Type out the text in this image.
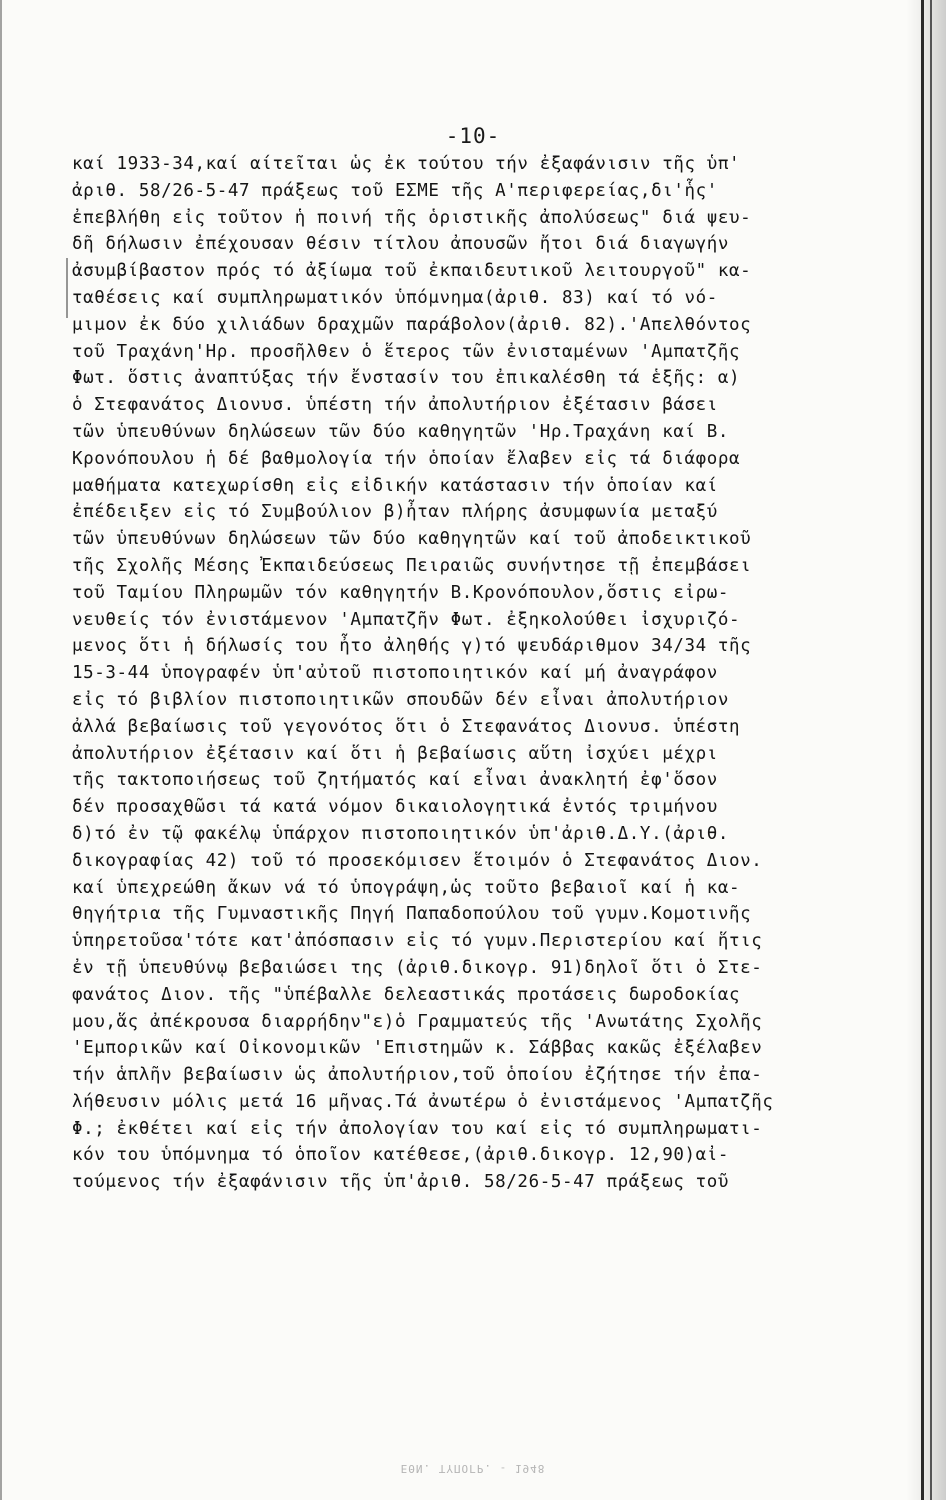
-10-
καί 1933-34,καί αίτεῖται ὡς ἐκ τούτου τήν ἐξαφάνισιν τῆς ὑπ'
ἀριθ. 58/26-5-47 πράξεως τοῦ ΕΣΜΕ τῆς Α'περιφερείας,δι'ἧς'
ἐπεβλήθη εἰς τοῦτον ἡ ποινή τῆς ὁριστικῆς ἀπολύσεως" διά ψευ-
δῆ δήλωσιν ἐπέχουσαν θέσιν τίτλου ἀπουσῶν ἤτοι διά διαγωγήν
ἀσυμβίβαστον πρός τό ἀξίωμα τοῦ ἐκπαιδευτικοῦ λειτουργοῦ" κα-
ταθέσεις καί συμπληρωματικόν ὑπόμνημα(ἀριθ. 83) καί τό νό-
μιμον ἐκ δύο χιλιάδων δραχμῶν παράβολον(ἀριθ. 82).'Απελθόντος
τοῦ Τραχάνη'Ηρ. προσῆλθεν ὁ ἕτερος τῶν ἐνισταμένων 'Αμπατζῆς
Φωτ. ὅστις ἀναπτύξας τήν ἔνστασίν του ἐπικαλέσθη τά ἑξῆς: α)
ὁ Στεφανάτος Διονυσ. ὑπέστη τήν ἀπολυτήριον ἐξέτασιν βάσει
τῶν ὑπευθύνων δηλώσεων τῶν δύο καθηγητῶν 'Ηρ.Τραχάνη καί Β.
Κρονόπουλου ἡ δέ βαθμολογία τήν ὁποίαν ἔλαβεν εἰς τά διάφορα
μαθήματα κατεχωρίσθη εἰς εἰδικήν κατάστασιν τήν ὁποίαν καί
ἐπέδειξεν εἰς τό Συμβούλιον β)ἦταν πλήρης ἀσυμφωνία μεταξύ
τῶν ὑπευθύνων δηλώσεων τῶν δύο καθηγητῶν καί τοῦ ἀποδεικτικοῦ
τῆς Σχολῆς Μέσης Ἐκπαιδεύσεως Πειραιῶς συνήντησε τῇ ἐπεμβάσει
τοῦ Ταμίου Πληρωμῶν τόν καθηγητήν Β.Κρονόπουλον,ὅστις εἰρω-
νευθείς τόν ἐνιστάμενον 'Αμπατζῆν Φωτ. ἐξηκολούθει ἰσχυριζό-
μενος ὅτι ἡ δήλωσίς του ἦτο ἀληθής γ)τό ψευδάριθμον 34/34 τῆς
15-3-44 ὑπογραφέν ὑπ'αὐτοῦ πιστοποιητικόν καί μή ἀναγράφον
εἰς τό βιβλίον πιστοποιητικῶν σπουδῶν δέν εἶναι ἀπολυτήριον
ἀλλά βεβαίωσις τοῦ γεγονότος ὅτι ὁ Στεφανάτος Διονυσ. ὑπέστη
ἀπολυτήριον ἐξέτασιν καί ὅτι ἡ βεβαίωσις αὕτη ἰσχύει μέχρι
τῆς τακτοποιήσεως τοῦ ζητήματός καί εἶναι ἀνακλητή ἐφ'ὅσον
δέν προσαχθῶσι τά κατά νόμον δικαιολογητικά ἐντός τριμήνου
δ)τό ἐν τῷ φακέλῳ ὑπάρχον πιστοποιητικόν ὑπ'ἀριθ.Δ.Υ.(ἀριθ.
δικογραφίας 42) τοῦ τό προσεκόμισεν ἕτοιμόν ὁ Στεφανάτος Διον.
καί ὑπεχρεώθη ἄκων νά τό ὑπογράψη,ὡς τοῦτο βεβαιοῖ καί ἡ κα-
θηγήτρια τῆς Γυμναστικῆς Πηγή Παπαδοπούλου τοῦ γυμν.Κομοτινῆς
ὑπηρετοῦσα'τότε κατ'ἀπόσπασιν εἰς τό γυμν.Περιστερίου καί ἥτις
ἐν τῇ ὑπευθύνῳ βεβαιώσει της (ἀριθ.δικογρ. 91)δηλοῖ ὅτι ὁ Στε-
φανάτος Διον. τῆς "ὑπέβαλλε δελεαστικάς προτάσεις δωροδοκίας
μου,ἅς ἀπέκρουσα διαρρήδην"ε)ὁ Γραμματεύς τῆς 'Ανωτάτης Σχολῆς
'Εμπορικῶν καί Οἰκονομικῶν 'Επιστημῶν κ. Σάββας κακῶς ἐξέλαβεν
τήν ἁπλῆν βεβαίωσιν ὡς ἀπολυτήριον,τοῦ ὁποίου ἐζήτησε τήν ἐπα-
λήθευσιν μόλις μετά 16 μῆνας.Τά ἀνωτέρω ὁ ἐνιστάμενος 'Αμπατζῆς
Φ.; ἐκθέτει καί εἰς τήν ἀπολογίαν του καί εἰς τό συμπληρωματι-
κόν του ὑπόμνημα τό ὁποῖον κατέθεσε,(ἀριθ.δικογρ. 12,90)αἰ-
τούμενος τήν ἐξαφάνισιν τῆς ὑπ'ἀριθ. 58/26-5-47 πράξεως τοῦ
ΕΘΝ. ΤΥΠΟΓΡ. - 1948
